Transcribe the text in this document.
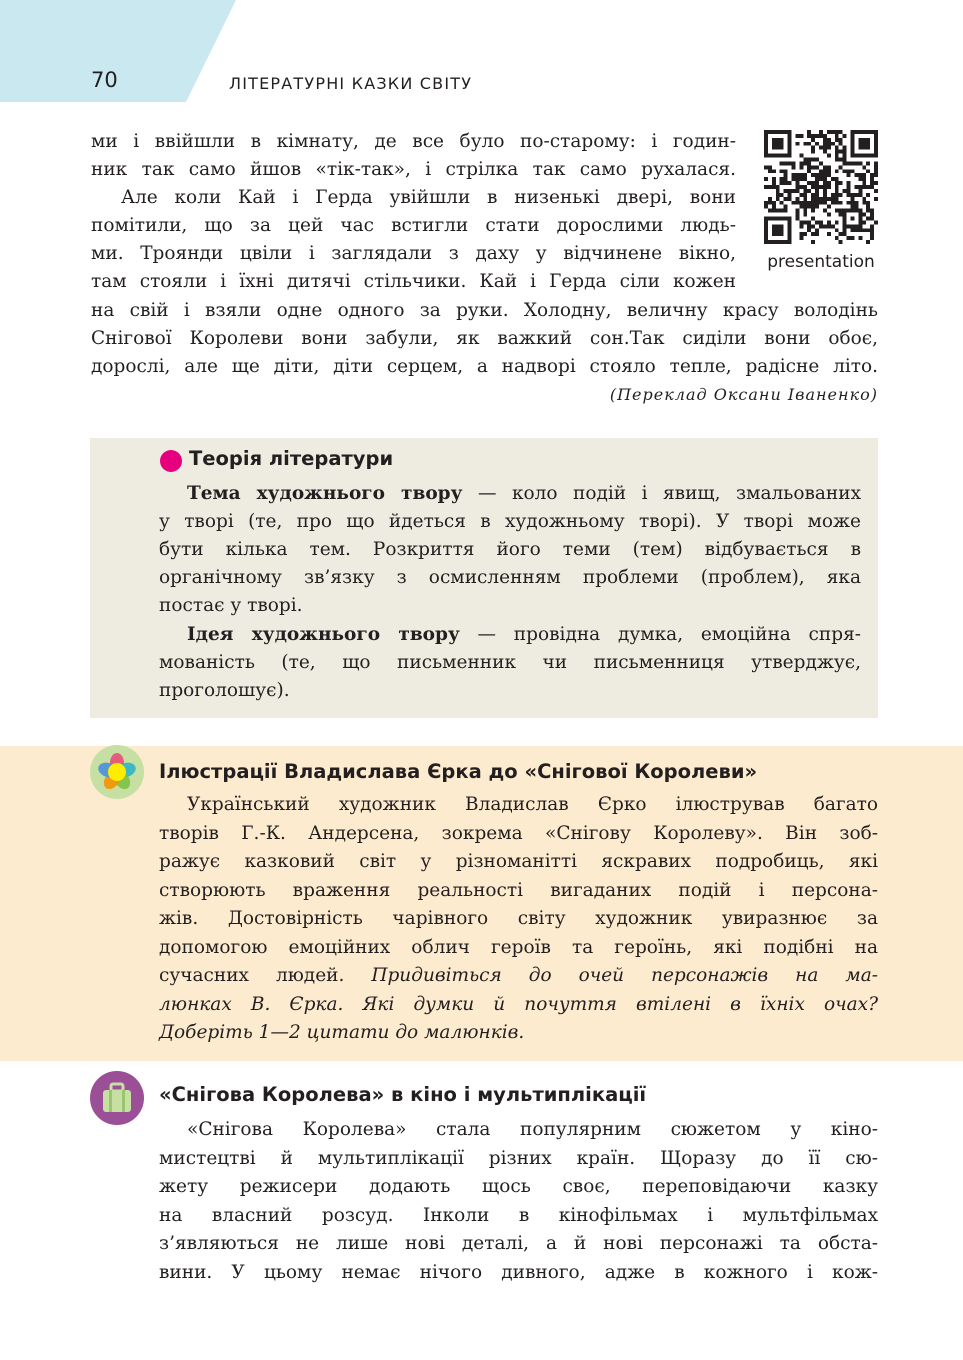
70	ЛІТЕРАТУРНІ КАЗКИ СВІТУ
presentation
ми і ввійшли в кімнату, де все було по-старому: і годин-
ник так само йшов «тік-так», і стрілка так само рухалася.
Але коли Кай і Герда увійшли в низенькі двері, вони
помітили, що за цей час встигли стати дорослими людь-
ми. Троянди цвіли і заглядали з даху у відчинене вікно,
там стояли і їхні дитячі стільчики. Кай і Герда сіли кожен
на свій і взяли одне одного за руки. Холодну, величну красу володінь
Снігової Королеви вони забули, як важкий сон.Так сиділи вони обоє,
дорослі, але ще діти, діти серцем, а надворі стояло тепле, радісне літо.
(Переклад Оксани Іваненко)
Теорія літератури
Тема художнього твору — коло подій і явищ, змальованих
у творі (те, про що йдеться в художньому творі). У творі може
бути кілька тем. Розкриття його теми (тем) відбувається в
органічному зв’язку з осмисленням проблеми (проблем), яка
постає у творі.
Ідея художнього твору — провідна думка, емоційна спря-
мованість (те, що письменник чи письменниця утверджує,
проголошує).
Ілюстрації Владислава Єрка до «Снігової Королеви»
Український художник Владислав Єрко ілюстрував багато
творів Г.-К. Андерсена, зокрема «Снігову Королеву». Він зоб-
ражує казковий світ у різноманітті яскравих подробиць, які
створюють враження реальності вигаданих подій і персона-
жів. Достовірність чарівного світу художник увиразнює за
допомогою емоційних облич героїв та героїнь, які подібні на
сучасних людей. Придивіться до очей персонажів на ма-
люнках В. Єрка. Які думки й почуття втілені в їхніх очах?
Доберіть 1—2 цитати до малюнків.
«Снігова Королева» в кіно і мультиплікації
«Снігова Королева» стала популярним сюжетом у кіно-
мистецтві й мультиплікації різних країн. Щоразу до її сю-
жету режисери додають щось своє, переповідаючи казку
на власний розсуд. Інколи в кінофільмах і мультфільмах
з’являються не лише нові деталі, а й нові персонажі та обста-
вини. У цьому немає нічого дивного, адже в кожного і кож-
